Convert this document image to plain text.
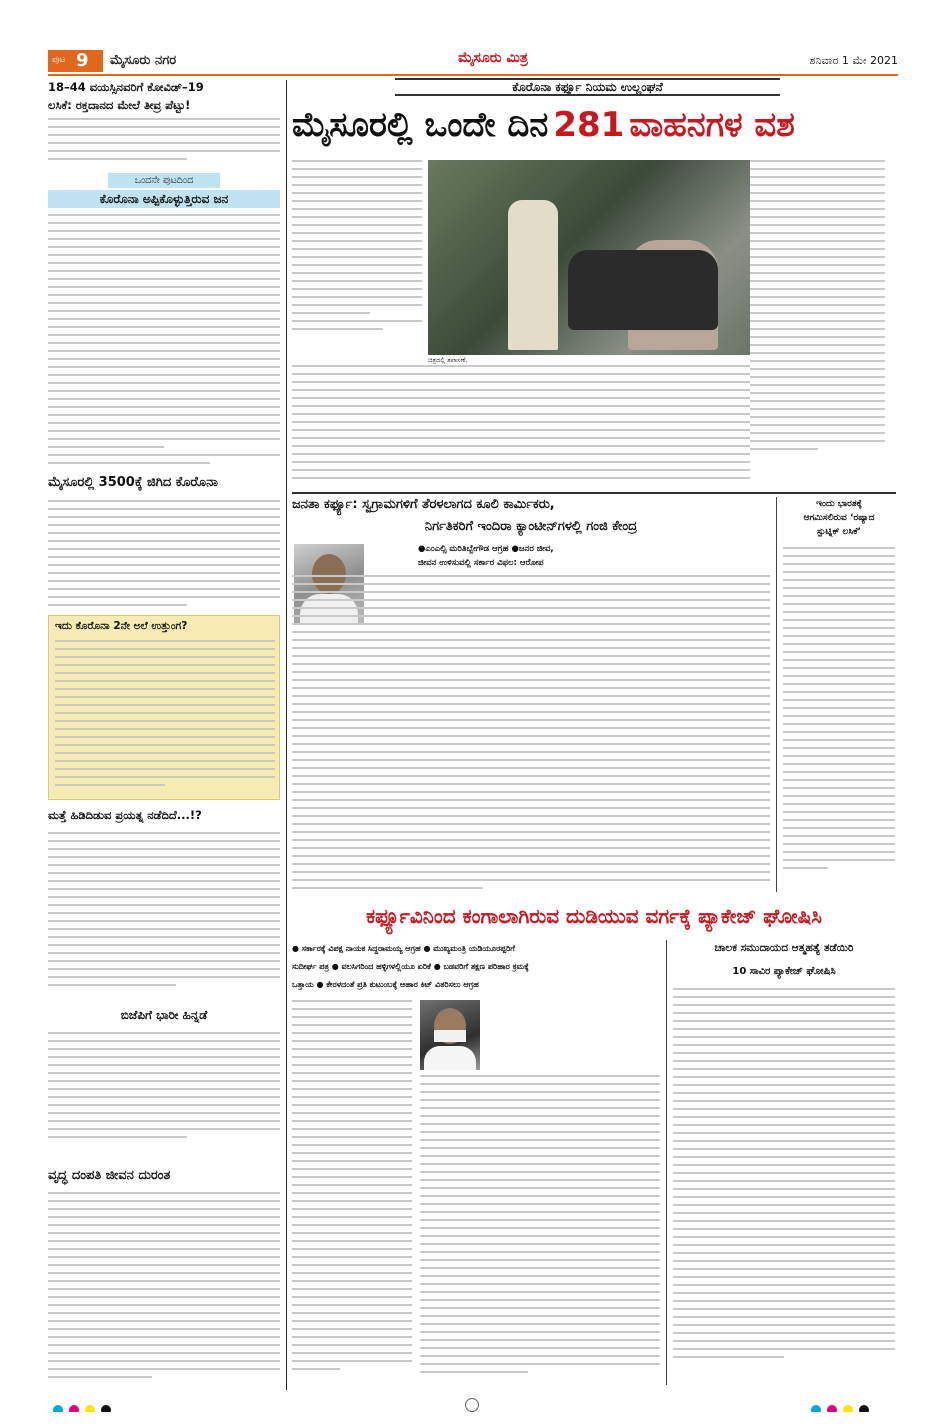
ಪುಟ 9 ಮೈಸೂರು ನಗರ	ಮೈಸೂರು ಮಿತ್ರ	ಶನಿವಾರ 1 ಮೇ 2021
18–44 ವಯಸ್ಸಿನವರಿಗೆ ಕೋವಿಡ್–19
ಲಸಿಕೆ: ರಕ್ತದಾನದ ಮೇಲೆ ತೀವ್ರ ಪೆಟ್ಟು!
ಒಂದನೇ ಪುಟದಿಂದ
ಕೊರೊನಾ ಅಪ್ಪಿಕೊಳ್ಳುತ್ತಿರುವ ಜನ
ಮೈಸೂರಲ್ಲಿ 3500ಕ್ಕೆ ಜಿಗಿದ ಕೊರೊನಾ
ಇದು ಕೊರೊನಾ 2ನೇ ಅಲೆ ಉತ್ತುಂಗ?
ಮತ್ತೆ ಹಿಡಿದಿಡುವ ಪ್ರಯತ್ನ ನಡೆದಿದೆ...!?
ಬಿಜೆಪಿಗೆ ಭಾರೀ ಹಿನ್ನಡೆ
ವೃದ್ಧ ದಂಪತಿ ಜೀವನ ದುರಂತ
ಕೊರೊನಾ ಕರ್ಫ್ಯೂ ನಿಯಮ ಉಲ್ಲಂಘನೆ
ಮೈಸೂರಲ್ಲಿ ಒಂದೇ ದಿನ 281 ವಾಹನಗಳ ವಶ
ಚಿತ್ರದಲ್ಲಿ ತಪಾಸಣೆ.
ಜನತಾ ಕರ್ಫ್ಯೂ: ಸ್ವಗ್ರಾಮಗಳಿಗೆ ತೆರಳಲಾಗದ ಕೂಲಿ ಕಾರ್ಮಿಕರು,
ನಿರ್ಗತಿಕರಿಗೆ ಇಂದಿರಾ ಕ್ಯಾಂಟೀನ್‌ಗಳಲ್ಲಿ ಗಂಜಿ ಕೇಂದ್ರ
●ಎಂಎಲ್ಸಿ ಮರಿತಿಬ್ಬೇಗೌಡ ಆಗ್ರಹ ●ಜನರ ಜೀವ,
ಜೀವನ ಉಳಿಸುವಲ್ಲಿ ಸರ್ಕಾರ ವಿಫಲ: ಆರೋಪ
ಇಂದು ಭಾರತಕ್ಕೆ
ಆಗಮಿಸಲಿರುವ ‘ರಷ್ಯಾದ
ಸ್ಪುಟ್ನಿಕ್ ಲಸಿಕೆ’
ಕರ್ಫ್ಯೂವಿನಿಂದ ಕಂಗಾಲಾಗಿರುವ ದುಡಿಯುವ ವರ್ಗಕ್ಕೆ ಪ್ಯಾಕೇಜ್ ಘೋಷಿಸಿ
● ಸರ್ಕಾರಕ್ಕೆ ವಿಪಕ್ಷ ನಾಯಕ ಸಿದ್ದರಾಮಯ್ಯ ಆಗ್ರಹ ● ಮುಖ್ಯಮಂತ್ರಿ ಯಡಿಯೂರಪ್ಪರಿಗೆ
ಸುದೀರ್ಘ ಪತ್ರ ● ವಲಸಿಗರಿಂದ ಹಳ್ಳಿಗಳಲ್ಲಿಯೂ ಏರಿಕೆ ● ಬಡವರಿಗೆ ತಕ್ಷಣ ಪರಿಹಾರ ಕ್ರಮಕ್ಕೆ
ಒತ್ತಾಯ ● ಕೇರಳದಂತೆ ಪ್ರತಿ ಕುಟುಂಬಕ್ಕೆ ಆಹಾರ ಕಿಟ್ ವಿತರಿಸಲು ಆಗ್ರಹ
ಚಾಲಕ ಸಮುದಾಯದ ಆತ್ಮಹತ್ಯೆ ತಡೆಯಿರಿ
10 ಸಾವಿರ ಪ್ಯಾಕೇಜ್ ಘೋಷಿಸಿ
